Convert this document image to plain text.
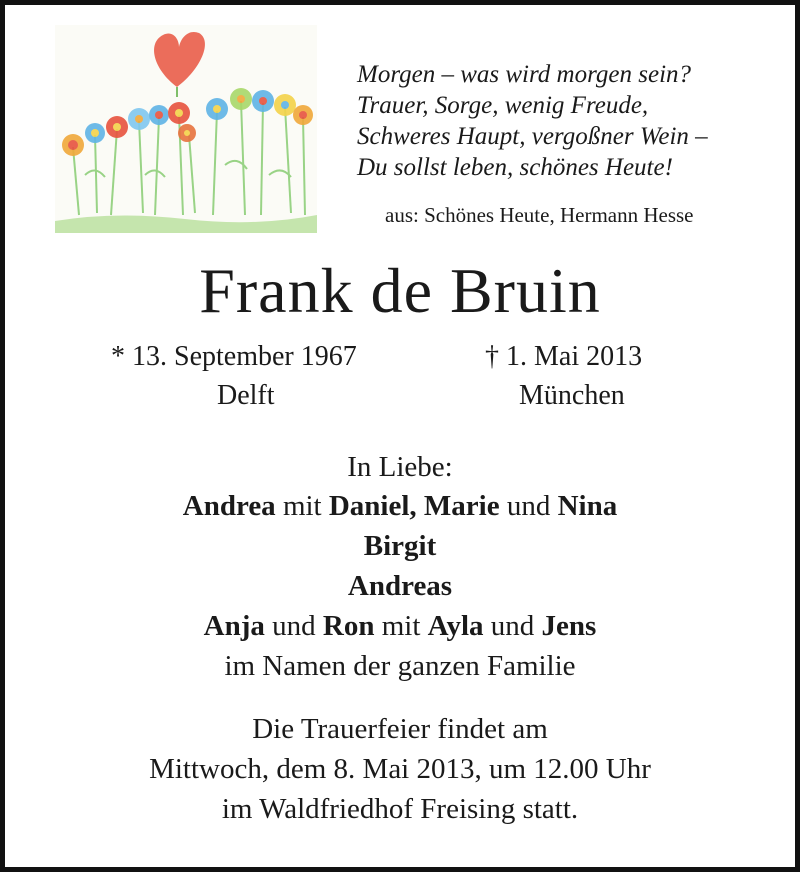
Morgen – was wird morgen sein?
Trauer, Sorge, wenig Freude,
Schweres Haupt, vergoßner Wein –
Du sollst leben, schönes Heute!
aus: Schönes Heute, Hermann Hesse
Frank de Bruin
* 13. September 1967
Delft
† 1. Mai 2013
München
In Liebe:
Andrea mit Daniel, Marie und Nina
Birgit
Andreas
Anja und Ron mit Ayla und Jens
im Namen der ganzen Familie
Die Trauerfeier findet am
Mittwoch, dem 8. Mai 2013, um 12.00 Uhr
im Waldfriedhof Freising statt.
